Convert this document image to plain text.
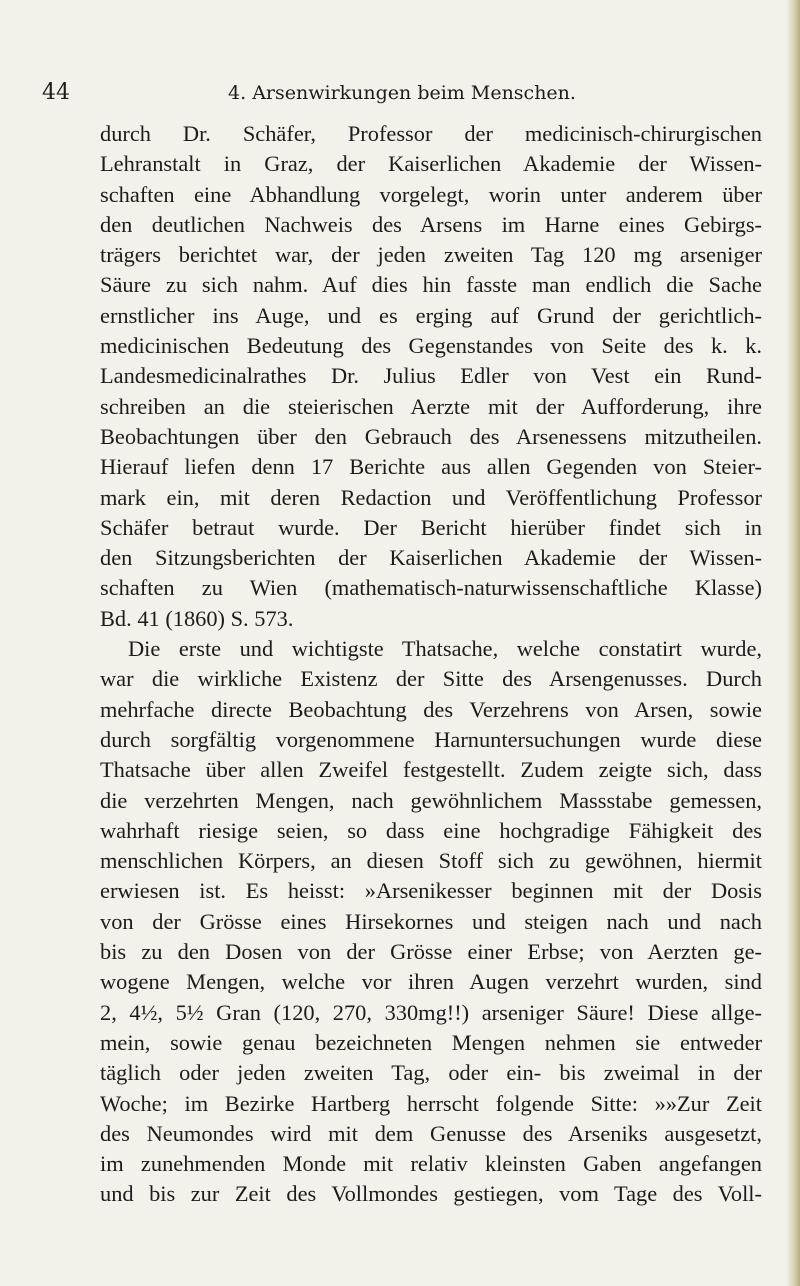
44	4. Arsenwirkungen beim Menschen.
durch Dr. Schäfer, Professor der medicinisch-chirurgischen
Lehranstalt in Graz, der Kaiserlichen Akademie der Wissen-
schaften eine Abhandlung vorgelegt, worin unter anderem über
den deutlichen Nachweis des Arsens im Harne eines Gebirgs-
trägers berichtet war, der jeden zweiten Tag 120 mg arseniger
Säure zu sich nahm. Auf dies hin fasste man endlich die Sache
ernstlicher ins Auge, und es erging auf Grund der gerichtlich-
medicinischen Bedeutung des Gegenstandes von Seite des k. k.
Landesmedicinalrathes Dr. Julius Edler von Vest ein Rund-
schreiben an die steierischen Aerzte mit der Aufforderung, ihre
Beobachtungen über den Gebrauch des Arsenessens mitzutheilen.
Hierauf liefen denn 17 Berichte aus allen Gegenden von Steier-
mark ein, mit deren Redaction und Veröffentlichung Professor
Schäfer betraut wurde. Der Bericht hierüber findet sich in
den Sitzungsberichten der Kaiserlichen Akademie der Wissen-
schaften zu Wien (mathematisch-naturwissenschaftliche Klasse)
Bd. 41 (1860) S. 573.
Die erste und wichtigste Thatsache, welche constatirt wurde,
war die wirkliche Existenz der Sitte des Arsengenusses. Durch
mehrfache directe Beobachtung des Verzehrens von Arsen, sowie
durch sorgfältig vorgenommene Harnuntersuchungen wurde diese
Thatsache über allen Zweifel festgestellt. Zudem zeigte sich, dass
die verzehrten Mengen, nach gewöhnlichem Massstabe gemessen,
wahrhaft riesige seien, so dass eine hochgradige Fähigkeit des
menschlichen Körpers, an diesen Stoff sich zu gewöhnen, hiermit
erwiesen ist. Es heisst: »Arsenikesser beginnen mit der Dosis
von der Grösse eines Hirsekornes und steigen nach und nach
bis zu den Dosen von der Grösse einer Erbse; von Aerzten ge-
wogene Mengen, welche vor ihren Augen verzehrt wurden, sind
2, 4½, 5½ Gran (120, 270, 330mg!!) arseniger Säure! Diese allge-
mein, sowie genau bezeichneten Mengen nehmen sie entweder
täglich oder jeden zweiten Tag, oder ein- bis zweimal in der
Woche; im Bezirke Hartberg herrscht folgende Sitte: »»Zur Zeit
des Neumondes wird mit dem Genusse des Arseniks ausgesetzt,
im zunehmenden Monde mit relativ kleinsten Gaben angefangen
und bis zur Zeit des Vollmondes gestiegen, vom Tage des Voll-
